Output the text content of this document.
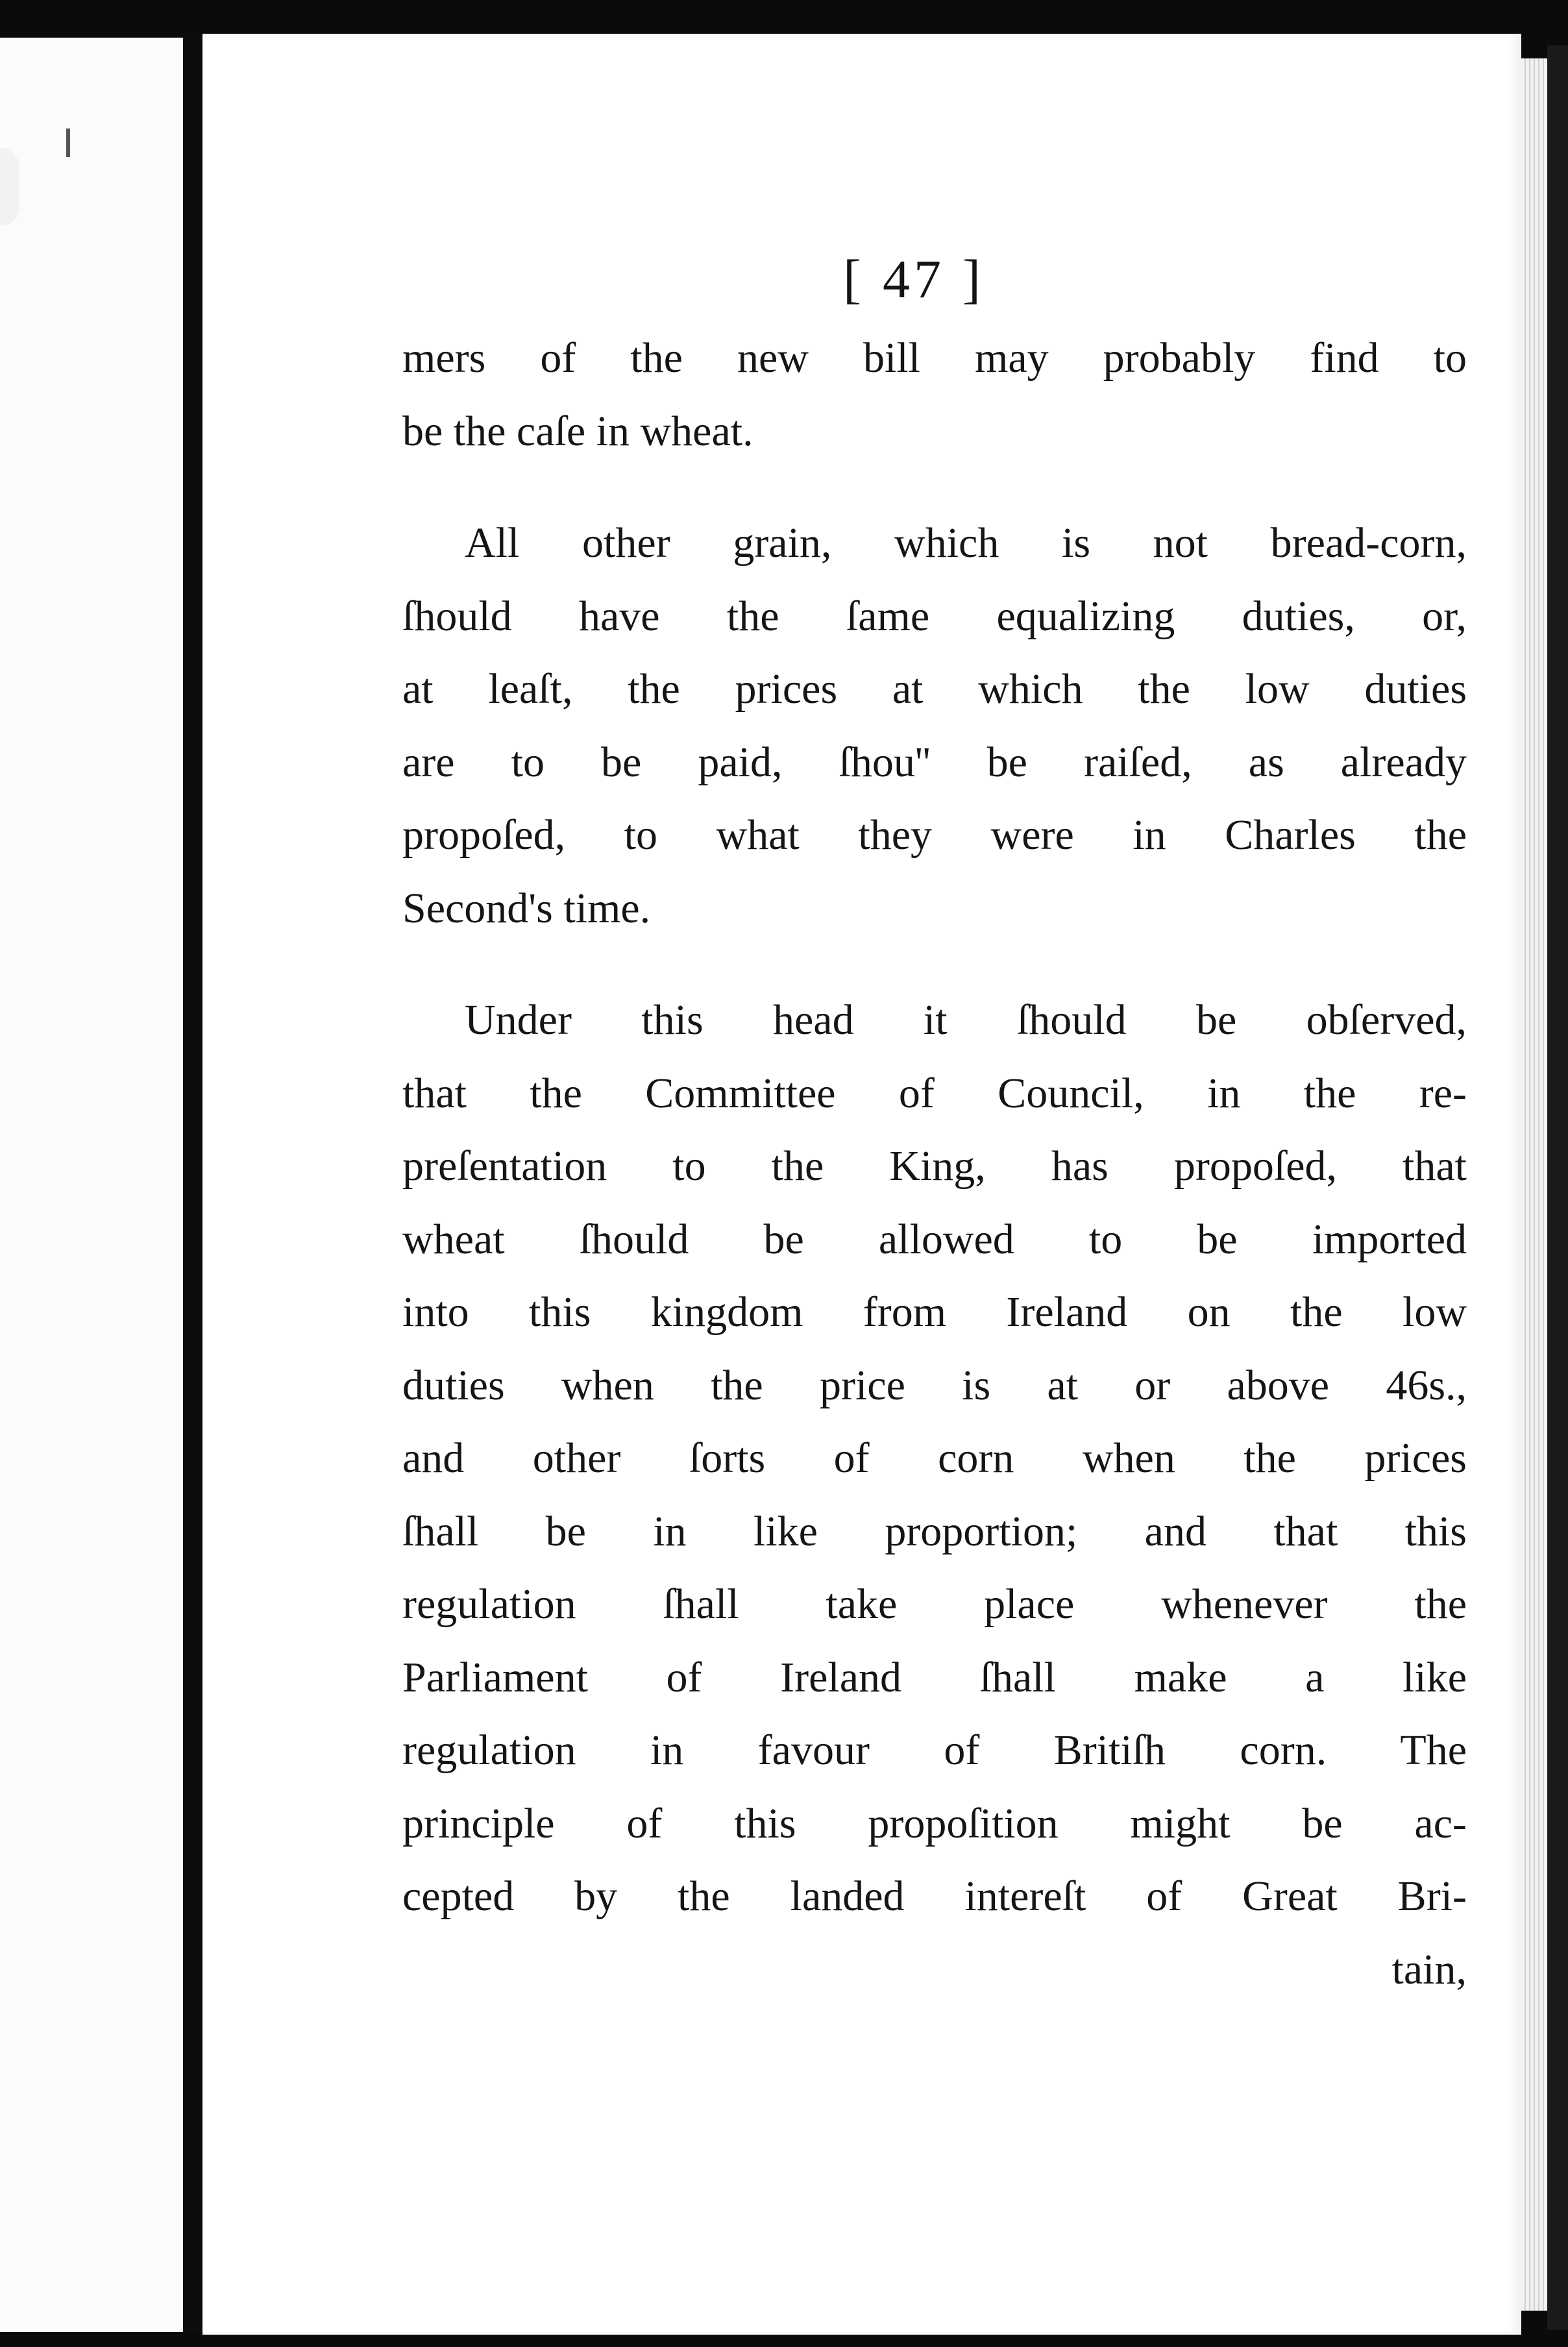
[ 47 ]
mers of the new bill may probably find to
be the caſe in wheat.
All other grain, which is not bread-corn,
ſhould have the ſame equalizing duties, or,
at leaſt, the prices at which the low duties
are to be paid, ſhou'' be raiſed, as already
propoſed, to what they were in Charles the
Second's time.
Under this head it ſhould be obſerved,
that the Committee of Council, in the re-
preſentation to the King, has propoſed, that
wheat ſhould be allowed to be imported
into this kingdom from Ireland on the low
duties when the price is at or above 46s.,
and other ſorts of corn when the prices
ſhall be in like proportion; and that this
regulation ſhall take place whenever the
Parliament of Ireland ſhall make a like
regulation in favour of Britiſh corn. The
principle of this propoſition might be ac-
cepted by the landed intereſt of Great Bri-
tain,
